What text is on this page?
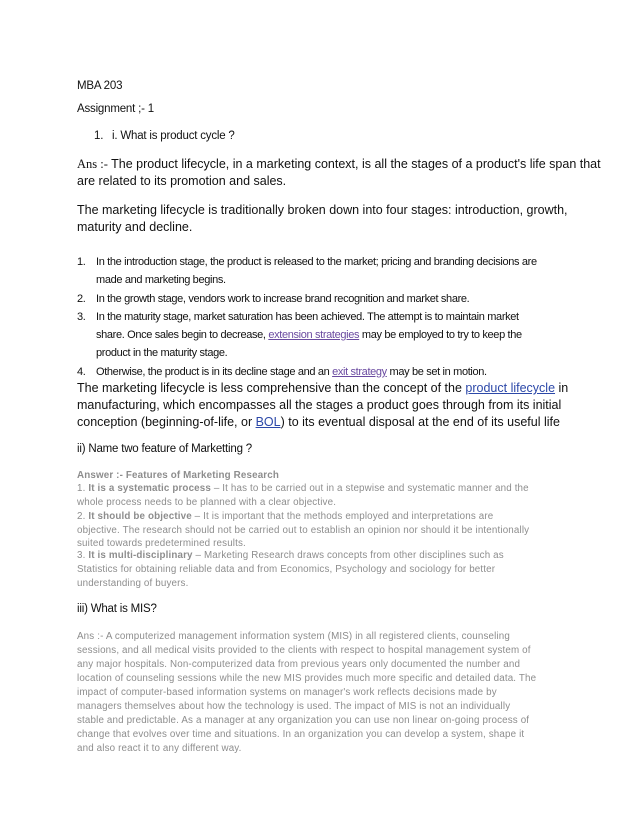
MBA 203
Assignment ;- 1
1. i. What is product cycle ?
Ans :- The product lifecycle, in a marketing context, is all the stages of a product's life span that
are related to its promotion and sales.
The marketing lifecycle is traditionally broken down into four stages: introduction, growth,
maturity and decline.
1. In the introduction stage, the product is released to the market; pricing and branding decisions are
made and marketing begins.
2. In the growth stage, vendors work to increase brand recognition and market share.
3. In the maturity stage, market saturation has been achieved. The attempt is to maintain market
share. Once sales begin to decrease, extension strategies may be employed to try to keep the
product in the maturity stage.
4. Otherwise, the product is in its decline stage and an exit strategy may be set in motion.
The marketing lifecycle is less comprehensive than the concept of the product lifecycle in
manufacturing, which encompasses all the stages a product goes through from its initial
conception (beginning-of-life, or BOL) to its eventual disposal at the end of its useful life
ii) Name two feature of Marketting ?
Answer :- Features of Marketing Research
1. It is a systematic process – It has to be carried out in a stepwise and systematic manner and the
whole process needs to be planned with a clear objective.
2. It should be objective – It is important that the methods employed and interpretations are
objective. The research should not be carried out to establish an opinion nor should it be intentionally
suited towards predetermined results.
3. It is multi-disciplinary – Marketing Research draws concepts from other disciplines such as
Statistics for obtaining reliable data and from Economics, Psychology and sociology for better
understanding of buyers.
iii) What is MIS?
Ans :- A computerized management information system (MIS) in all registered clients, counseling
sessions, and all medical visits provided to the clients with respect to hospital management system of
any major hospitals. Non-computerized data from previous years only documented the number and
location of counseling sessions while the new MIS provides much more specific and detailed data. The
impact of computer-based information systems on manager's work reflects decisions made by
managers themselves about how the technology is used. The impact of MIS is not an individually
stable and predictable. As a manager at any organization you can use non linear on-going process of
change that evolves over time and situations. In an organization you can develop a system, shape it
and also react it to any different way.
